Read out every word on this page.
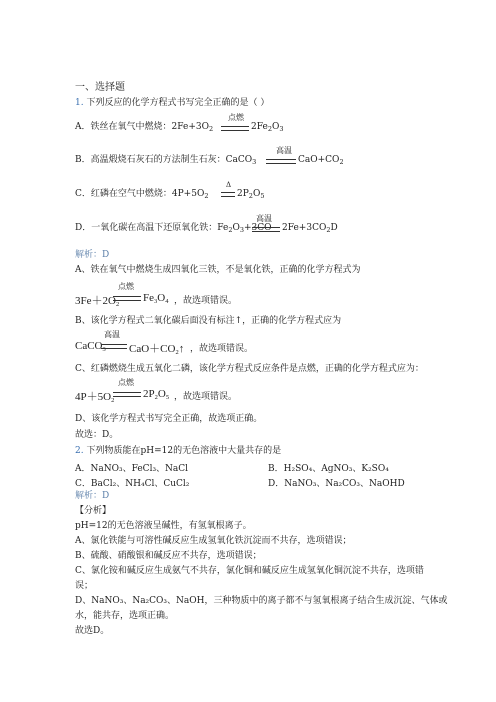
一、选择题
1. 下列反应的化学方程式书写完全正确的是（ ）
A．铁丝在氧气中燃烧：$2Fe+3O_2$
点燃
$2Fe_2O_3$
B．高温煅烧石灰石的方法制生石灰：CaCO$_3$
高温
$CaO+CO_2$
C．红磷在空气中燃烧：$4P+5O_2$
Δ
$2P_2O_5$
D．一氧化碳在高温下还原氧化铁：$Fe_2O_3+3CO$
高温
$2Fe+3CO_2D$
解析：D
A、铁在氧气中燃烧生成四氧化三铁，不是氧化铁，正确的化学方程式为
$3Fe+2O_2$
点燃
$Fe_3O_4$ ，故选项错误。
B、该化学方程式二氧化碳后面没有标注↑，正确的化学方程式应为
CaCO$_3$
高温
$CaO+CO_2↑$ ，故选项错误。
C、红磷燃烧生成五氧化二磷，该化学方程式反应条件是点燃，正确的化学方程式应为：
$4P+5O_2$
点燃
$2P_2O_5$ ，故选项错误。
D、该化学方程式书写完全正确，故选项正确。
故选：D。
2. 下列物质能在pH=12的无色溶液中大量共存的是
A．NaNO₃、FeCl₃、NaCl	B．H₂SO₄、AgNO₃、K₂SO₄
C．BaCl₂、NH₄Cl、CuCl₂	D．NaNO₃、Na₂CO₃、NaOHD
解析：D
【分析】
pH=12的无色溶液呈碱性，有氢氧根离子。
A、氯化铁能与可溶性碱反应生成氢氧化铁沉淀而不共存，选项错误；
B、硫酸、硝酸银和碱反应不共存，选项错误；
C、氯化铵和碱反应生成氨气不共存，氯化铜和碱反应生成氢氧化铜沉淀不共存，选项错
误；
D、NaNO₃、Na₂CO₃、NaOH，三种物质中的离子都不与氢氧根离子结合生成沉淀、气体或
水，能共存，选项正确。
故选D。
